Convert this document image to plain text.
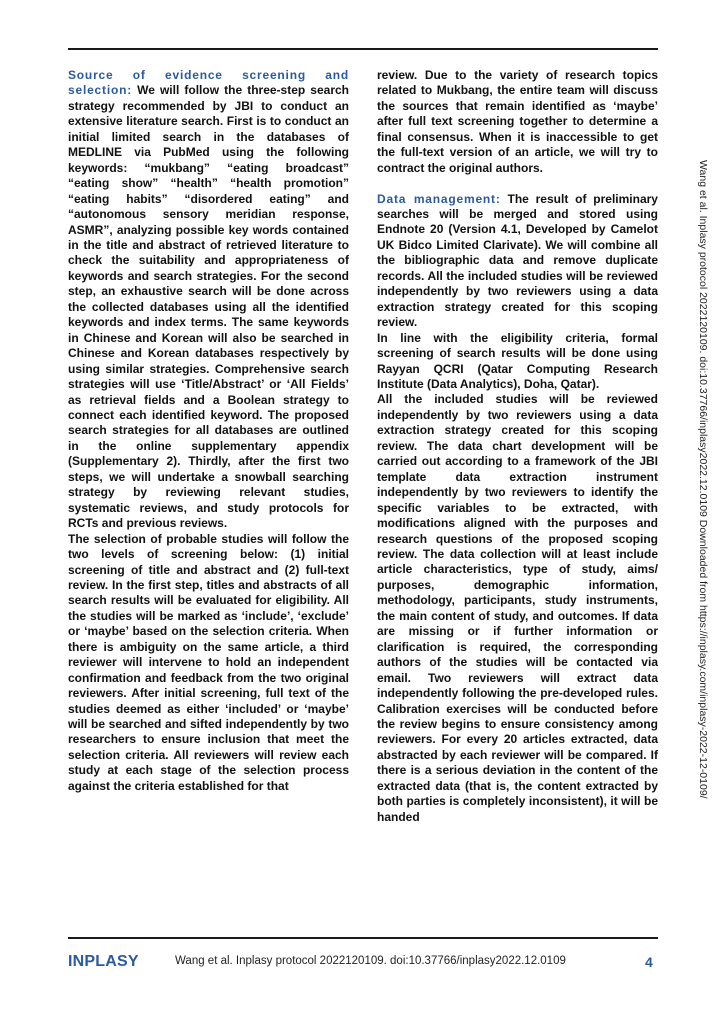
Source of evidence screening and selection: We will follow the three-step search strategy recommended by JBI to conduct an extensive literature search. First is to conduct an initial limited search in the databases of MEDLINE via PubMed using the following keywords: “mukbang” “eating broadcast” “eating show” “health” “health promotion” “eating habits” “disordered eating” and “autonomous sensory meridian response, ASMR”, analyzing possible key words contained in the title and abstract of retrieved literature to check the suitability and appropriateness of keywords and search strategies. For the second step, an exhaustive search will be done across the collected databases using all the identified keywords and index terms. The same keywords in Chinese and Korean will also be searched in Chinese and Korean databases respectively by using similar strategies. Comprehensive search strategies will use ‘Title/Abstract’ or ‘All Fields’ as retrieval fields and a Boolean strategy to connect each identified keyword. The proposed search strategies for all databases are outlined in the online supplementary appendix (Supplementary 2). Thirdly, after the first two steps, we will undertake a snowball searching strategy by reviewing relevant studies, systematic reviews, and study protocols for RCTs and previous reviews.

The selection of probable studies will follow the two levels of screening below: (1) initial screening of title and abstract and (2) full-text review. In the first step, titles and abstracts of all search results will be evaluated for eligibility. All the studies will be marked as ‘include’, ‘exclude’ or ‘maybe’ based on the selection criteria. When there is ambiguity on the same article, a third reviewer will intervene to hold an independent confirmation and feedback from the two original reviewers. After initial screening, full text of the studies deemed as either ‘included’ or ‘maybe’ will be searched and sifted independently by two researchers to ensure inclusion that meet the selection criteria. All reviewers will review each study at each stage of the selection process against the criteria established for that

review. Due to the variety of research topics related to Mukbang, the entire team will discuss the sources that remain identified as ‘maybe’ after full text screening together to determine a final consensus. When it is inaccessible to get the full-text version of an article, we will try to contract the original authors.

Data management: The result of preliminary searches will be merged and stored using Endnote 20 (Version 4.1, Developed by Camelot UK Bidco Limited Clarivate). We will combine all the bibliographic data and remove duplicate records. All the included studies will be reviewed independently by two reviewers using a data extraction strategy created for this scoping review.

In line with the eligibility criteria, formal screening of search results will be done using Rayyan QCRI (Qatar Computing Research Institute (Data Analytics), Doha, Qatar).

All the included studies will be reviewed independently by two reviewers using a data extraction strategy created for this scoping review. The data chart development will be carried out according to a framework of the JBI template data extraction instrument independently by two reviewers to identify the specific variables to be extracted, with modifications aligned with the purposes and research questions of the proposed scoping review. The data collection will at least include article characteristics, type of study, aims/ purposes, demographic information, methodology, participants, study instruments, the main content of study, and outcomes. If data are missing or if further information or clarification is required, the corresponding authors of the studies will be contacted via email. Two reviewers will extract data independently following the pre-developed rules. Calibration exercises will be conducted before the review begins to ensure consistency among reviewers. For every 20 articles extracted, data abstracted by each reviewer will be compared. If there is a serious deviation in the content of the extracted data (that is, the content extracted by both parties is completely inconsistent), it will be handed

Wang et al. Inplasy protocol 2022120109. doi:10.37766/inplasy2022.12.0109 Downloaded from https://inplasy.com/inplasy-2022-12-0109/
INPLASY	Wang et al. Inplasy protocol 2022120109. doi:10.37766/inplasy2022.12.0109	4
